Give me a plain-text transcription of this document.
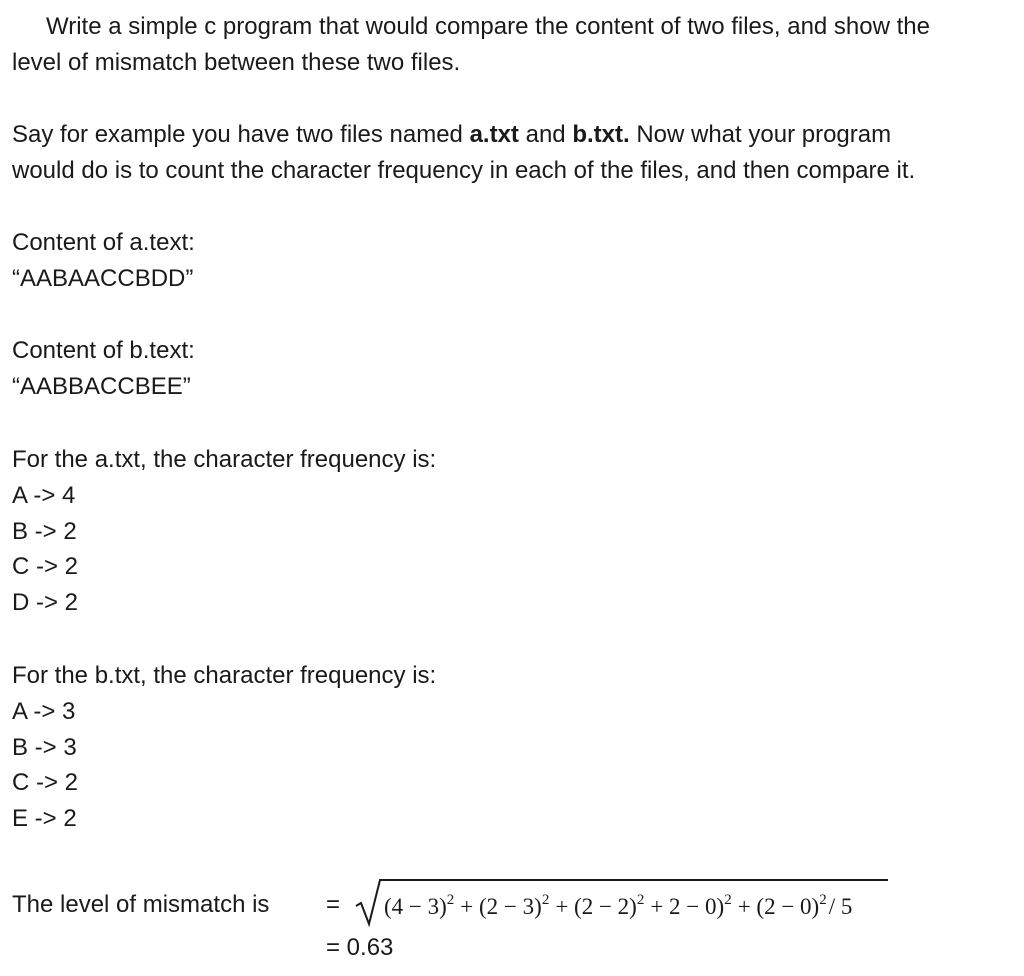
Write a simple c program that would compare the content of two files, and show the
level of mismatch between these two files.
Say for example you have two files named a.txt and b.txt. Now what your program
would do is to count the character frequency in each of the files, and then compare it.
Content of a.text:
“AABAACCBDD”
Content of b.text:
“AABBACCBEE”
For the a.txt, the character frequency is:
A -> 4
B -> 2
C -> 2
D -> 2
For the b.txt, the character frequency is:
A -> 3
B -> 3
C -> 2
E -> 2
The level of mismatch is = $(4 - 3)^2 + (2 - 3)^2 + (2 - 2)^2 + 2 - 0)^2 + (2 - 0)^2/$ 5
= 0.63
